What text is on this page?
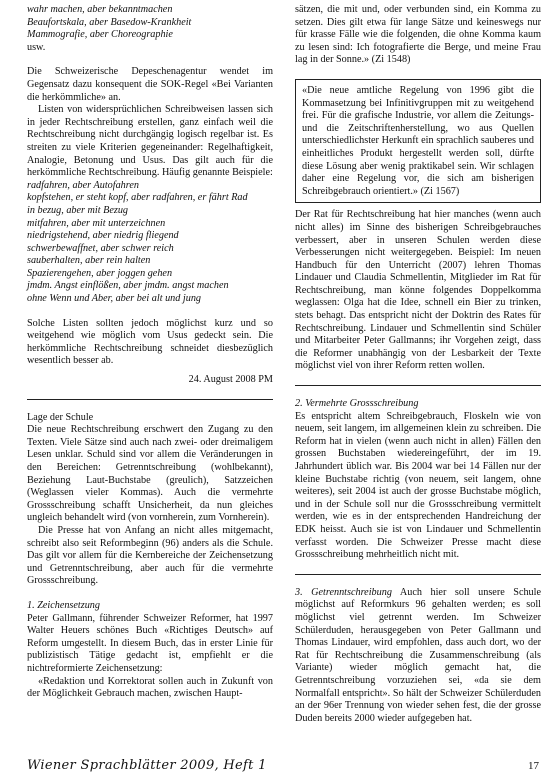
wahr machen, aber bekanntmachen

Beaufortskala, aber Basedow-Krankheit

Mammografie, aber Choreographie

usw.

Die Schweizerische Depeschenagentur wendet im Gegensatz dazu konsequent die SOK-Regel «Bei Varianten die herkömmliche» an.

Listen von widersprüchlichen Schreibweisen lassen sich in jeder Rechtschreibung erstellen, ganz einfach weil die Rechtschreibung nicht durchgängig logisch regelbar ist. Es streiten zu viele Kriterien gegeneinander: Regelhaftigkeit, Analogie, Betonung und Usus. Das gilt auch für die herkömmliche Rechtschreibung. Häufig genannte Beispiele:

radfahren, aber Autofahren

kopfstehen, er steht kopf, aber radfahren, er fährt Rad

in bezug, aber mit Bezug

mitfahren, aber mit unterzeichnen

niedrigstehend, aber niedrig fliegend

schwerbewaffnet, aber schwer reich

sauberhalten, aber rein halten

Spazierengehen, aber joggen gehen

jmdm. Angst einflößen, aber jmdm. angst machen

ohne Wenn und Aber, aber bei alt und jung

Solche Listen sollten jedoch möglichst kurz und so weitgehend wie möglich vom Usus gedeckt sein. Die herkömmliche Rechtschreibung schneidet diesbezüglich wesentlich besser ab.

24. August 2008 PM

Lage der Schule

Die neue Rechtschreibung erschwert den Zugang zu den Texten. Viele Sätze sind auch nach zwei- oder dreimaligem Lesen unklar. Schuld sind vor allem die Veränderungen in den Bereichen: Getrenntschreibung (wohlbekannt), Beziehung Laut-Buchstabe (greulich), Satzzeichen (Weglassen vieler Kommas). Auch die vermehrte Grossschreibung schafft Unsicherheit, da nun gleiches ungleich behandelt wird (von vornherein, zum Vornherein).

Die Presse hat von Anfang an nicht alles mitgemacht, schreibt also seit Reformbeginn (96) anders als die Schule. Das gilt vor allem für die Kernbereiche der Zeichensetzung und Getrenntschreibung, aber auch für die vermehrte Grossschreibung.

1. Zeichensetzung

Peter Gallmann, führender Schweizer Reformer, hat 1997 Walter Heuers schönes Buch «Richtiges Deutsch» auf Reform umgestellt. In diesem Buch, das in erster Linie für publizistisch Tätige gedacht ist, empfiehlt er die nichtreformierte Zeichensetzung:

«Redaktion und Korrektorat sollen auch in Zukunft von der Möglichkeit Gebrauch machen, zwischen Haupt-

sätzen, die mit und, oder verbunden sind, ein Komma zu setzen. Dies gilt etwa für lange Sätze und keineswegs nur für krasse Fälle wie die folgenden, die ohne Komma kaum zu lesen sind: Ich fotografierte die Berge, und meine Frau lag in der Sonne.» (Zi 1548)

«Die neue amtliche Regelung von 1996 gibt die Kommasetzung bei Infinitivgruppen mit zu weitgehend frei. Für die grafische Industrie, vor allem die Zeitungs- und die Zeitschriftenherstellung, wo aus Quellen unterschiedlichster Herkunft ein sprachlich sauberes und einheitliches Produkt hergestellt werden soll, dürfte diese Lösung aber wenig praktikabel sein. Wir schlagen daher eine Regelung vor, die sich am bisherigen Schreibgebrauch orientiert.» (Zi 1567)

Der Rat für Rechtschreibung hat hier manches (wenn auch nicht alles) im Sinne des bisherigen Schreibgebrauches verbessert, aber in unseren Schulen werden diese Verbesserungen nicht weitergegeben. Beispiel: Im neuen Handbuch für den Unterricht (2007) lehren Thomas Lindauer und Claudia Schmellentin, Mitglieder im Rat für Rechtschreibung, man könne folgendes Doppelkomma weglassen: Olga hat die Idee, schnell ein Bier zu trinken, stets behagt. Das entspricht nicht der Doktrin des Rates für Rechtschreibung. Lindauer und Schmellentin sind Schüler und Mitarbeiter Peter Gallmanns; ihr Vorgehen zeigt, dass die Reformer unabhängig von der Lesbarkeit der Texte möglichst viel von ihrer Reform retten wollen.

2. Vermehrte Grossschreibung

Es entspricht altem Schreibgebrauch, Floskeln wie von neuem, seit langem, im allgemeinen klein zu schreiben. Die Reform hat in vielen (wenn auch nicht in allen) Fällen den grossen Buchstaben wiedereingeführt, der im 19. Jahrhundert üblich war. Bis 2004 war bei 14 Fällen nur der kleine Buchstabe richtig (von neuem, seit langem, ohne weiteres), seit 2004 ist auch der grosse Buchstabe möglich, und in der Schule soll nur die Grossschreibung vermittelt werden, wie es in der entsprechenden Handreichung der EDK heisst. Auch sie ist von Lindauer und Schmellentin verfasst worden. Die Schweizer Presse macht diese Grossschreibung mehrheitlich nicht mit.

3. Getrenntschreibung Auch hier soll unsere Schule möglichst auf Reformkurs 96 gehalten werden; es soll möglichst viel getrennt werden. Im Schweizer Schülerduden, herausgegeben von Peter Gallmann und Thomas Lindauer, wird empfohlen, dass auch dort, wo der Rat für Rechtschreibung die Zusammenschreibung (als Variante) wieder möglich gemacht hat, die Getrenntschreibung vorzuziehen sei, «da sie dem Normalfall entspricht». So hält der Schweizer Schülerduden an der 96er Trennung von wieder sehen fest, die der grosse Duden bereits 2000 wieder aufgegeben hat.

Wiener Sprachblätter 2009, Heft 1	17
